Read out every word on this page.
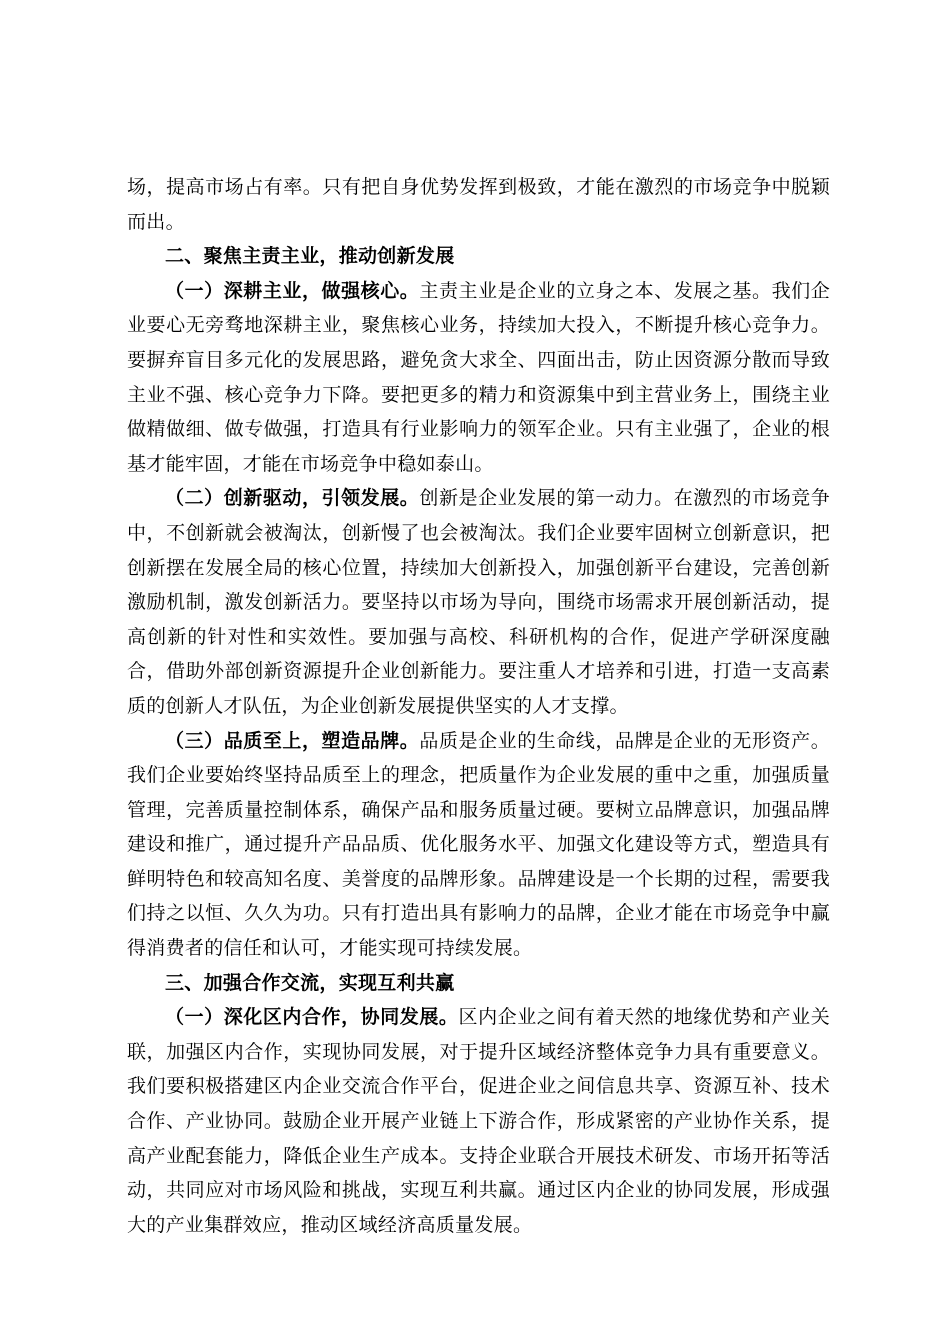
场，提高市场占有率。只有把自身优势发挥到极致，才能在激烈的市场竞争中脱颖而出。

二、聚焦主责主业，推动创新发展

（一）深耕主业，做强核心。主责主业是企业的立身之本、发展之基。我们企业要心无旁骛地深耕主业，聚焦核心业务，持续加大投入，不断提升核心竞争力。要摒弃盲目多元化的发展思路，避免贪大求全、四面出击，防止因资源分散而导致主业不强、核心竞争力下降。要把更多的精力和资源集中到主营业务上，围绕主业做精做细、做专做强，打造具有行业影响力的领军企业。只有主业强了，企业的根基才能牢固，才能在市场竞争中稳如泰山。

（二）创新驱动，引领发展。创新是企业发展的第一动力。在激烈的市场竞争中，不创新就会被淘汰，创新慢了也会被淘汰。我们企业要牢固树立创新意识，把创新摆在发展全局的核心位置，持续加大创新投入，加强创新平台建设，完善创新激励机制，激发创新活力。要坚持以市场为导向，围绕市场需求开展创新活动，提高创新的针对性和实效性。要加强与高校、科研机构的合作，促进产学研深度融合，借助外部创新资源提升企业创新能力。要注重人才培养和引进，打造一支高素质的创新人才队伍，为企业创新发展提供坚实的人才支撑。

（三）品质至上，塑造品牌。品质是企业的生命线，品牌是企业的无形资产。我们企业要始终坚持品质至上的理念，把质量作为企业发展的重中之重，加强质量管理，完善质量控制体系，确保产品和服务质量过硬。要树立品牌意识，加强品牌建设和推广，通过提升产品品质、优化服务水平、加强文化建设等方式，塑造具有鲜明特色和较高知名度、美誉度的品牌形象。品牌建设是一个长期的过程，需要我们持之以恒、久久为功。只有打造出具有影响力的品牌，企业才能在市场竞争中赢得消费者的信任和认可，才能实现可持续发展。

三、加强合作交流，实现互利共赢

（一）深化区内合作，协同发展。区内企业之间有着天然的地缘优势和产业关联，加强区内合作，实现协同发展，对于提升区域经济整体竞争力具有重要意义。我们要积极搭建区内企业交流合作平台，促进企业之间信息共享、资源互补、技术合作、产业协同。鼓励企业开展产业链上下游合作，形成紧密的产业协作关系，提高产业配套能力，降低企业生产成本。支持企业联合开展技术研发、市场开拓等活动，共同应对市场风险和挑战，实现互利共赢。通过区内企业的协同发展，形成强大的产业集群效应，推动区域经济高质量发展。
